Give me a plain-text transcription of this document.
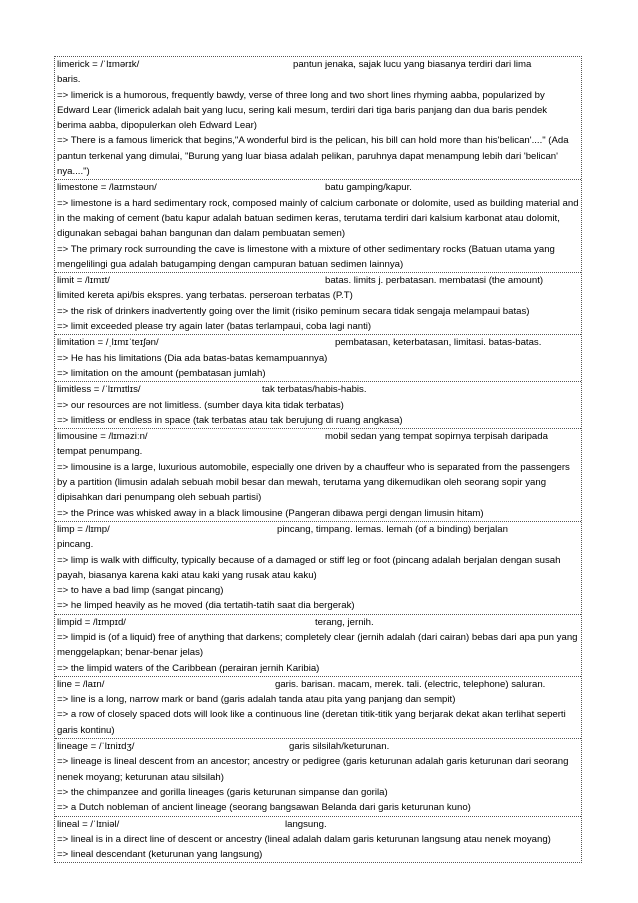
limerick = /ˈlɪmərɪk/	pantun jenaka, sajak lucu yang biasanya terdiri dari lima
baris.
=> limerick is a humorous, frequently bawdy, verse of three long and two short lines rhyming aabba, popularized by Edward Lear (limerick adalah bait yang lucu, sering kali mesum, terdiri dari tiga baris panjang dan dua baris pendek berima aabba, dipopulerkan oleh Edward Lear)
=> There is a famous limerick that begins,"A wonderful bird is the pelican, his bill can hold more than his'belican'...." (Ada pantun terkenal yang dimulai, "Burung yang luar biasa adalah pelikan, paruhnya dapat menampung lebih dari 'belican' nya....")
limestone = /laɪmstəʊn/	batu gamping/kapur.
=> limestone is a hard sedimentary rock, composed mainly of calcium carbonate or dolomite, used as building material and in the making of cement (batu kapur adalah batuan sedimen keras, terutama terdiri dari kalsium karbonat atau dolomit, digunakan sebagai bahan bangunan dan dalam pembuatan semen)
=> The primary rock surrounding the cave is limestone with a mixture of other sedimentary rocks (Batuan utama yang mengelilingi gua adalah batugamping dengan campuran batuan sedimen lainnya)
limit = /lɪmɪt/	batas. limits j. perbatasan. membatasi (the amount)
limited kereta api/bis ekspres. yang terbatas. perseroan terbatas (P.T)
=> the risk of drinkers inadvertently going over the limit (risiko peminum secara tidak sengaja melampaui batas)
=> limit exceeded please try again later (batas terlampaui, coba lagi nanti)
limitation = /ˌlɪmɪˈteɪʃən/	pembatasan, keterbatasan, limitasi. batas-batas.
=> He has his limitations (Dia ada batas-batas kemampuannya)
=> limitation on the amount (pembatasan jumlah)
limitless = /ˈlɪmɪtlɪs/	tak terbatas/habis-habis.
=> our resources are not limitless. (sumber daya kita tidak terbatas)
=> limitless or endless in space (tak terbatas atau tak berujung di ruang angkasa)
limousine = /lɪməziːn/	mobil sedan yang tempat sopirnya terpisah daripada
tempat penumpang.
=> limousine is a large, luxurious automobile, especially one driven by a chauffeur who is separated from the passengers by a partition (limusin adalah sebuah mobil besar dan mewah, terutama yang dikemudikan oleh seorang sopir yang dipisahkan dari penumpang oleh sebuah partisi)
=> the Prince was whisked away in a black limousine (Pangeran dibawa pergi dengan limusin hitam)
limp = /lɪmp/	pincang, timpang. lemas. lemah (of a binding) berjalan
pincang.
=> limp is walk with difficulty, typically because of a damaged or stiff leg or foot (pincang adalah berjalan dengan susah payah, biasanya karena kaki atau kaki yang rusak atau kaku)
=> to have a bad limp (sangat pincang)
=> he limped heavily as he moved (dia tertatih-tatih saat dia bergerak)
limpid = /lɪmpɪd/	terang, jernih.
=> limpid is (of a liquid) free of anything that darkens; completely clear (jernih adalah (dari cairan) bebas dari apa pun yang menggelapkan; benar-benar jelas)
=> the limpid waters of the Caribbean (perairan jernih Karibia)
line = /laɪn/	garis. barisan. macam, merek. tali. (electric, telephone) saluran.
=> line is a long, narrow mark or band (garis adalah tanda atau pita yang panjang dan sempit)
=> a row of closely spaced dots will look like a continuous line (deretan titik-titik yang berjarak dekat akan terlihat seperti garis kontinu)
lineage = /ˈlɪniɪdʒ/	garis silsilah/keturunan.
=> lineage is lineal descent from an ancestor; ancestry or pedigree (garis keturunan adalah garis keturunan dari seorang nenek moyang; keturunan atau silsilah)
=> the chimpanzee and gorilla lineages (garis keturunan simpanse dan gorila)
=> a Dutch nobleman of ancient lineage (seorang bangsawan Belanda dari garis keturunan kuno)
lineal = /ˈlɪniəl/	langsung.
=> lineal is in a direct line of descent or ancestry (lineal adalah dalam garis keturunan langsung atau nenek moyang)
=> lineal descendant (keturunan yang langsung)
